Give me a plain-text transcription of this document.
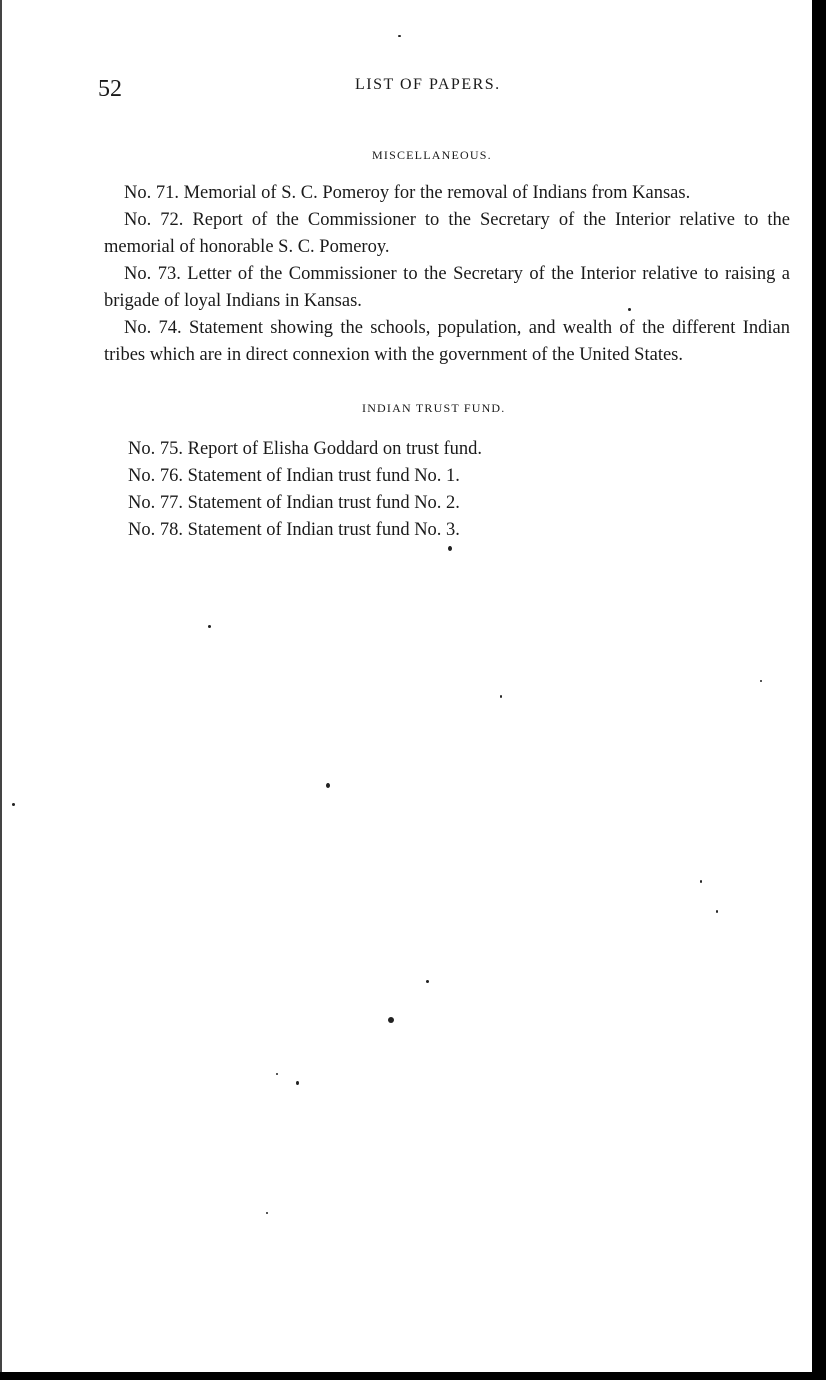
52	LIST OF PAPERS.
MISCELLANEOUS.

No. 71. Memorial of S. C. Pomeroy for the removal of Indians from Kansas.

No. 72. Report of the Commissioner to the Secretary of the Interior relative to the memorial of honorable S. C. Pomeroy.

No. 73. Letter of the Commissioner to the Secretary of the Interior relative to raising a brigade of loyal Indians in Kansas.

No. 74. Statement showing the schools, population, and wealth of the different Indian tribes which are in direct connexion with the government of the United States.

INDIAN TRUST FUND.

No. 75. Report of Elisha Goddard on trust fund.

No. 76. Statement of Indian trust fund No. 1.

No. 77. Statement of Indian trust fund No. 2.

No. 78. Statement of Indian trust fund No. 3.
